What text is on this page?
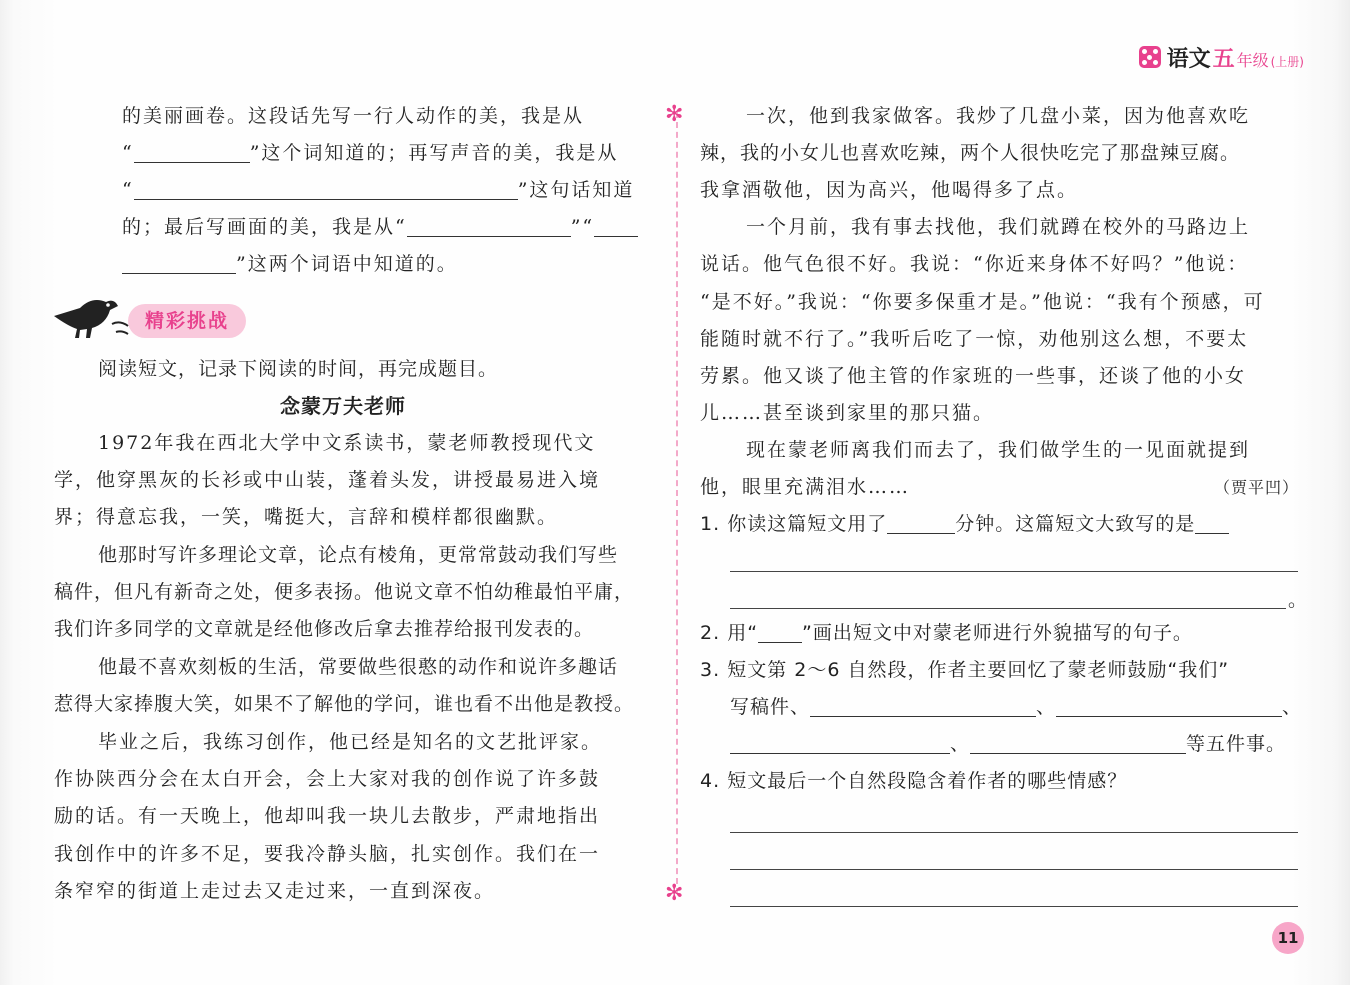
语文 五 年级 (上册)
的美丽画卷。这段话先写一行人动作的美，我是从
“	”这个词知道的；再写声音的美，我是从
“	”这句话知道
的；最后写画面的美，我是从“	”“
”这两个词语中知道的。
精彩挑战
阅读短文，记录下阅读的时间，再完成题目。
念蒙万夫老师
1972年我在西北大学中文系读书，蒙老师教授现代文
学，他穿黑灰的长衫或中山装，蓬着头发，讲授最易进入境
界；得意忘我，一笑，嘴挺大，言辞和模样都很幽默。
他那时写许多理论文章，论点有棱角，更常常鼓动我们写些
稿件，但凡有新奇之处，便多表扬。他说文章不怕幼稚最怕平庸，
我们许多同学的文章就是经他修改后拿去推荐给报刊发表的。
他最不喜欢刻板的生活，常要做些很憨的动作和说许多趣话
惹得大家捧腹大笑，如果不了解他的学问，谁也看不出他是教授。
毕业之后，我练习创作，他已经是知名的文艺批评家。
作协陕西分会在太白开会，会上大家对我的创作说了许多鼓
励的话。有一天晚上，他却叫我一块儿去散步，严肃地指出
我创作中的许多不足，要我冷静头脑，扎实创作。我们在一
条窄窄的街道上走过去又走过来，一直到深夜。
✻
✻
一次，他到我家做客。我炒了几盘小菜，因为他喜欢吃
辣，我的小女儿也喜欢吃辣，两个人很快吃完了那盘辣豆腐。
我拿酒敬他，因为高兴，他喝得多了点。
一个月前，我有事去找他，我们就蹲在校外的马路边上
说话。他气色很不好。我说：“你近来身体不好吗？”他说：
“是不好。”我说：“你要多保重才是。”他说：“我有个预感，可
能随时就不行了。”我听后吃了一惊，劝他别这么想，不要太
劳累。他又谈了他主管的作家班的一些事，还谈了他的小女
儿……甚至谈到家里的那只猫。
现在蒙老师离我们而去了，我们做学生的一见面就提到
他，眼里充满泪水……	（贾平凹）
1. 你读这篇短文用了	分钟。这篇短文大致写的是
。
2. 用“ ”画出短文中对蒙老师进行外貌描写的句子。
3. 短文第 2～6 自然段，作者主要回忆了蒙老师鼓励“我们”
写稿件、	、	、
、	等五件事。
4. 短文最后一个自然段隐含着作者的哪些情感？
11
